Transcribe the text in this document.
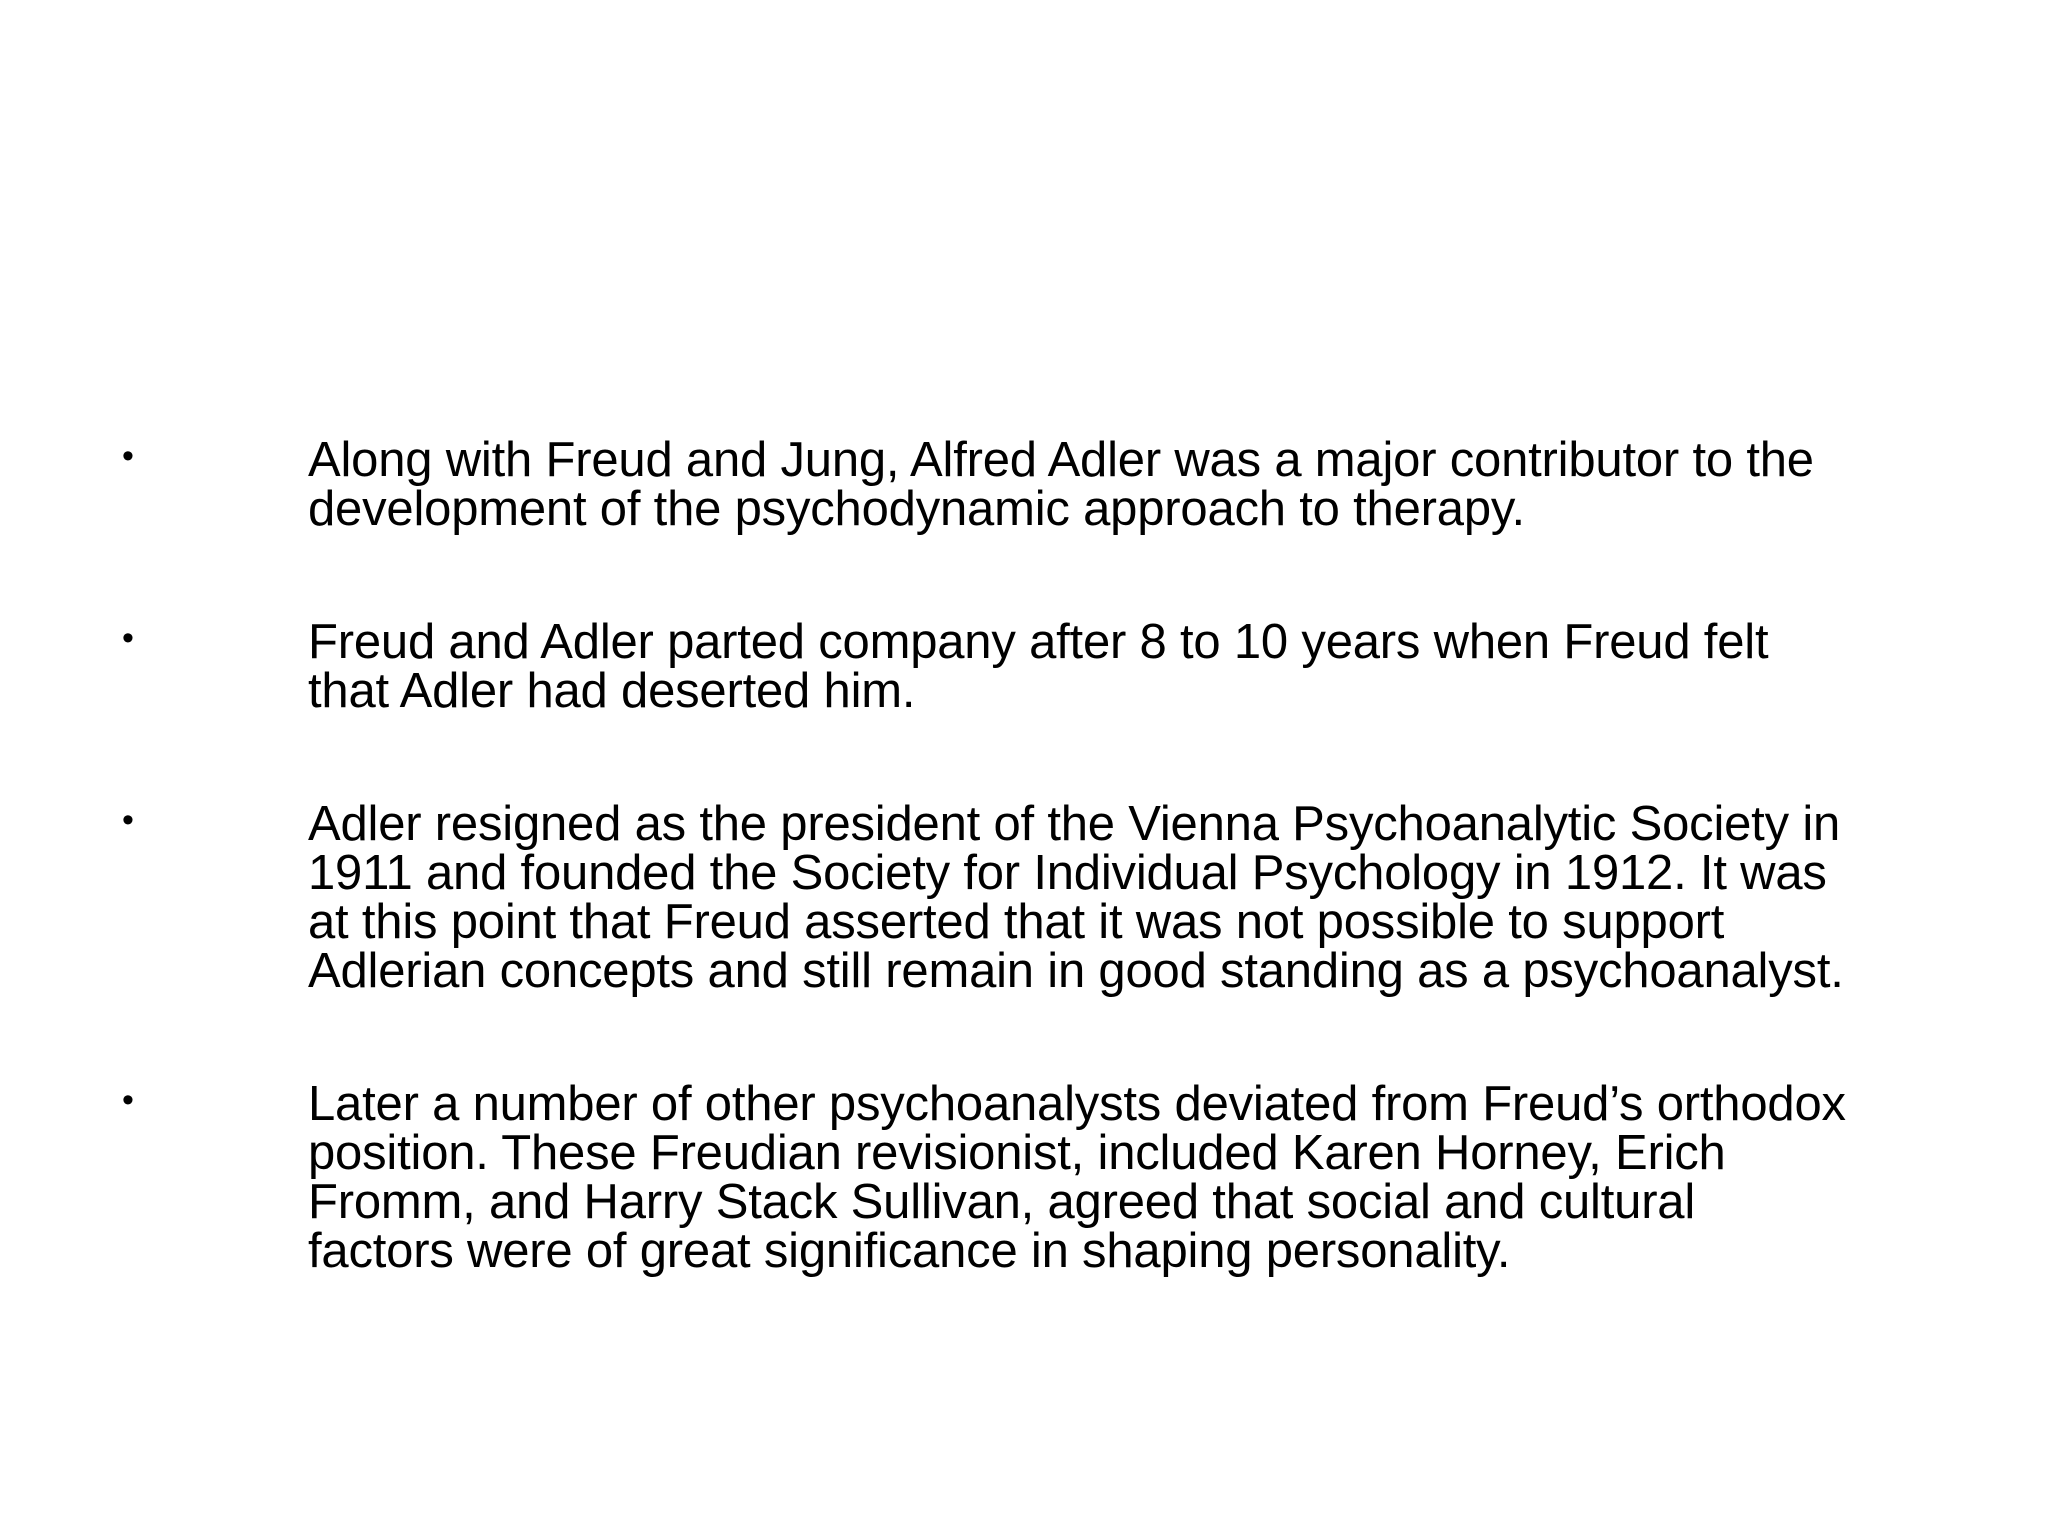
•	Along with Freud and Jung, Alfred Adler was a major contributor to the
development of the psychodynamic approach to therapy.
•	Freud and Adler parted company after 8 to 10 years when Freud felt
that Adler had deserted him.
•	Adler resigned as the president of the Vienna Psychoanalytic Society in
1911 and founded the Society for Individual Psychology in 1912. It was
at this point that Freud asserted that it was not possible to support
Adlerian concepts and still remain in good standing as a psychoanalyst.
•	Later a number of other psychoanalysts deviated from Freud’s orthodox
position. These Freudian revisionist, included Karen Horney, Erich
Fromm, and Harry Stack Sullivan, agreed that social and cultural
factors were of great significance in shaping personality.
